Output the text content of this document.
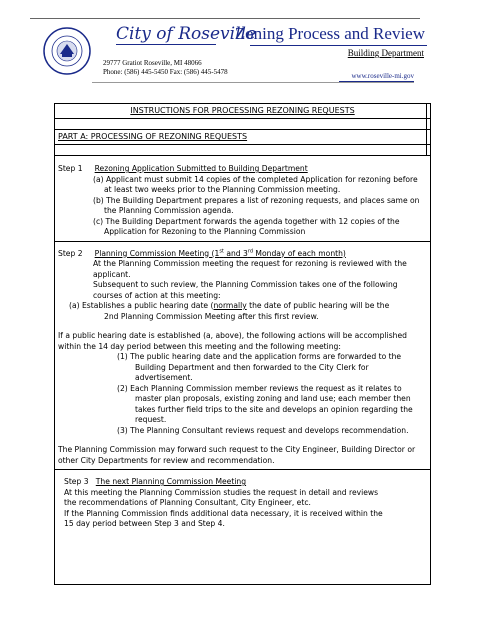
City of Roseville
29777 Gratiot Roseville, MI 48066
Phone: (586) 445-5450 Fax: (586) 445-5478
Zoning Process and Review
Building Department
www.roseville-mi.gov
INSTRUCTIONS FOR PROCESSING REZONING REQUESTS
PART A: PROCESSING OF REZONING REQUESTS

Step 1 Rezoning Application Submitted to Building Department

(a) Applicant must submit 14 copies of the completed Application for rezoning before

at least two weeks prior to the Planning Commission meeting.

(b) The Building Department prepares a list of rezoning requests, and places same on

the Planning Commission agenda.

(c) The Building Department forwards the agenda together with 12 copies of the

Application for Rezoning to the Planning Commission

Step 2 Planning Commission Meeting (1st and 3rd Monday of each month)

At the Planning Commission meeting the request for rezoning is reviewed with the

applicant.

Subsequent to such review, the Planning Commission takes one of the following

courses of action at this meeting:

(a) Establishes a public hearing date (normally the date of public hearing will be the

2nd Planning Commission Meeting after this first review.

If a public hearing date is established (a, above), the following actions will be accomplished

within the 14 day period between this meeting and the following meeting:

(1) The public hearing date and the application forms are forwarded to the

Building Department and then forwarded to the City Clerk for

advertisement.

(2) Each Planning Commission member reviews the request as it relates to

master plan proposals, existing zoning and land use; each member then

takes further field trips to the site and develops an opinion regarding the

request.

(3) The Planning Consultant reviews request and develops recommendation.

The Planning Commission may forward such request to the City Engineer, Building Director or

other City Departments for review and recommendation.

Step 3 The next Planning Commission Meeting

At this meeting the Planning Commission studies the request in detail and reviews

the recommendations of Planning Consultant, City Engineer, etc.

If the Planning Commission finds additional data necessary, it is received within the

15 day period between Step 3 and Step 4.
